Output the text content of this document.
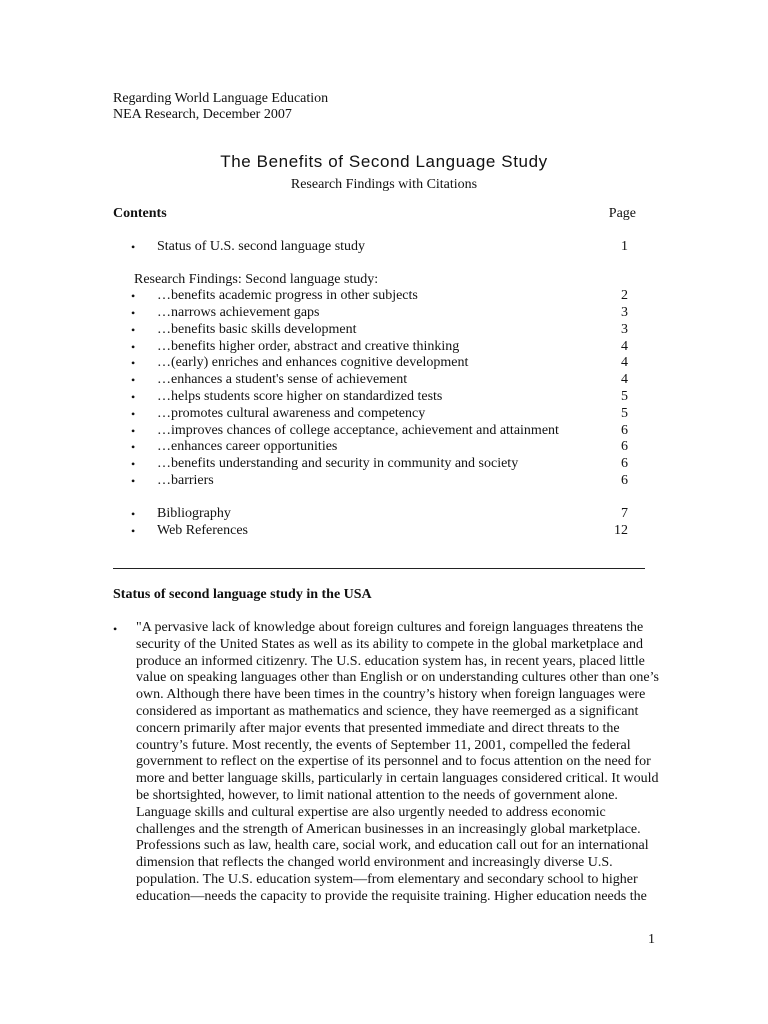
Regarding World Language Education
NEA Research, December 2007
The Benefits of Second Language Study
Research Findings with Citations
Contents	Page
• Status of U.S. second language study	1
Research Findings: Second language study:
• …benefits academic progress in other subjects	2
• …narrows achievement gaps	3
• …benefits basic skills development	3
• …benefits higher order, abstract and creative thinking	4
• …(early) enriches and enhances cognitive development	4
• …enhances a student's sense of achievement	4
• …helps students score higher on standardized tests	5
• …promotes cultural awareness and competency	5
• …improves chances of college acceptance, achievement and attainment	6
• …enhances career opportunities	6
• …benefits understanding and security in community and society	6
• …barriers	6
• Bibliography	7
• Web References	12
Status of second language study in the USA
• "A pervasive lack of knowledge about foreign cultures and foreign languages threatens the
security of the United States as well as its ability to compete in the global marketplace and
produce an informed citizenry. The U.S. education system has, in recent years, placed little
value on speaking languages other than English or on understanding cultures other than one’s
own. Although there have been times in the country’s history when foreign languages were
considered as important as mathematics and science, they have reemerged as a significant
concern primarily after major events that presented immediate and direct threats to the
country’s future. Most recently, the events of September 11, 2001, compelled the federal
government to reflect on the expertise of its personnel and to focus attention on the need for
more and better language skills, particularly in certain languages considered critical. It would
be shortsighted, however, to limit national attention to the needs of government alone.
Language skills and cultural expertise are also urgently needed to address economic
challenges and the strength of American businesses in an increasingly global marketplace.
Professions such as law, health care, social work, and education call out for an international
dimension that reflects the changed world environment and increasingly diverse U.S.
population. The U.S. education system—from elementary and secondary school to higher
education—needs the capacity to provide the requisite training. Higher education needs the
1
